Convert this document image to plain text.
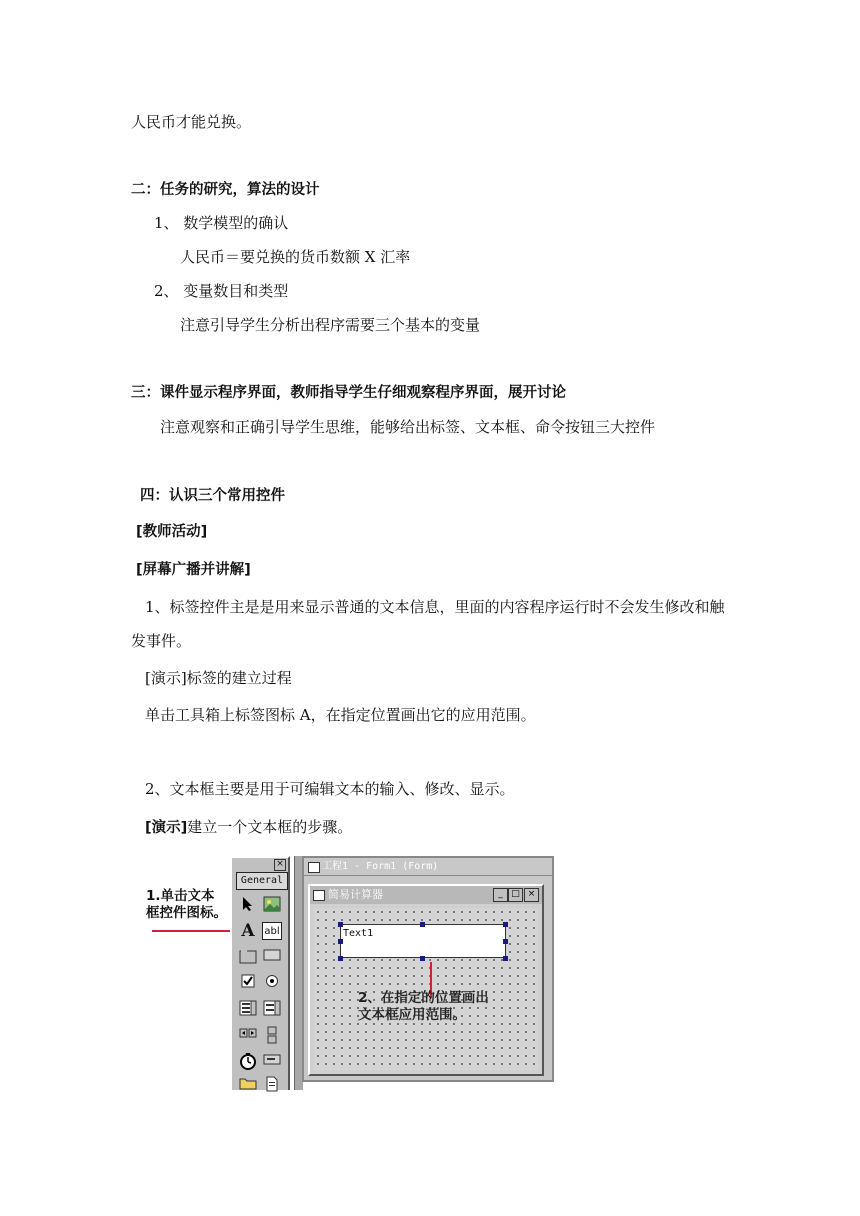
人民币才能兑换。
二：任务的研究，算法的设计
1、 数学模型的确认
人民币＝要兑换的货币数额 X 汇率
2、 变量数目和类型
注意引导学生分析出程序需要三个基本的变量
三：课件显示程序界面，教师指导学生仔细观察程序界面，展开讨论
注意观察和正确引导学生思维，能够给出标签、文本框、命令按钮三大控件
四：认识三个常用控件
[教师活动]
[屏幕广播并讲解]
1、标签控件主是是用来显示普通的文本信息，里面的内容程序运行时不会发生修改和触
发事件。
[演示]标签的建立过程
单击工具箱上标签图标 A，在指定位置画出它的应用范围。
2、文本框主要是用于可编辑文本的输入、修改、显示。
[演示]建立一个文本框的步骤。
1.单击文本
框控件图标。
×
General
A abl
工程1 - Form1 (Form)
简易计算器	_ □ ×
Text1
2、在指定的位置画出
文本框应用范围。
